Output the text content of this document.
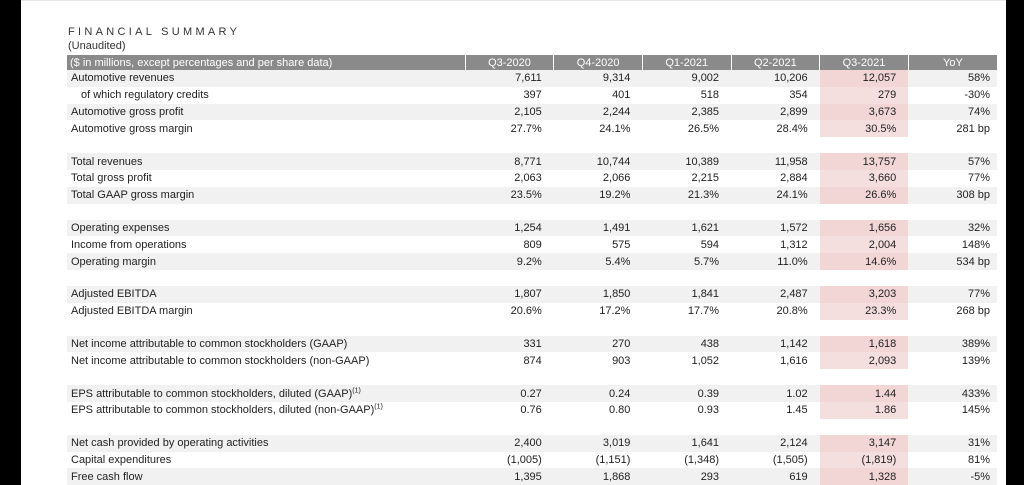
FINANCIAL SUMMARY
(Unaudited)
($ in millions, except percentages and per share data)	Q3-2020	Q4-2020	Q1-2021	Q2-2021	Q3-2021	YoY
Automotive revenues	7,611	9,314	9,002	10,206	12,057	58%
of which regulatory credits	397	401	518	354	279	-30%
Automotive gross profit	2,105	2,244	2,385	2,899	3,673	74%
Automotive gross margin	27.7%	24.1%	26.5%	28.4%	30.5%	281 bp

Total revenues	8,771	10,744	10,389	11,958	13,757	57%
Total gross profit	2,063	2,066	2,215	2,884	3,660	77%
Total GAAP gross margin	23.5%	19.2%	21.3%	24.1%	26.6%	308 bp

Operating expenses	1,254	1,491	1,621	1,572	1,656	32%
Income from operations	809	575	594	1,312	2,004	148%
Operating margin	9.2%	5.4%	5.7%	11.0%	14.6%	534 bp

Adjusted EBITDA	1,807	1,850	1,841	2,487	3,203	77%
Adjusted EBITDA margin	20.6%	17.2%	17.7%	20.8%	23.3%	268 bp

Net income attributable to common stockholders (GAAP)	331	270	438	1,142	1,618	389%
Net income attributable to common stockholders (non-GAAP)	874	903	1,052	1,616	2,093	139%

EPS attributable to common stockholders, diluted (GAAP)$^{(1)}$	0.27	0.24	0.39	1.02	1.44	433%
EPS attributable to common stockholders, diluted (non-GAAP)$^{(1)}$	0.76	0.80	0.93	1.45	1.86	145%

Net cash provided by operating activities	2,400	3,019	1,641	2,124	3,147	31%
Capital expenditures	(1,005)	(1,151)	(1,348)	(1,505)	(1,819)	81%
Free cash flow	1,395	1,868	293	619	1,328	-5%
